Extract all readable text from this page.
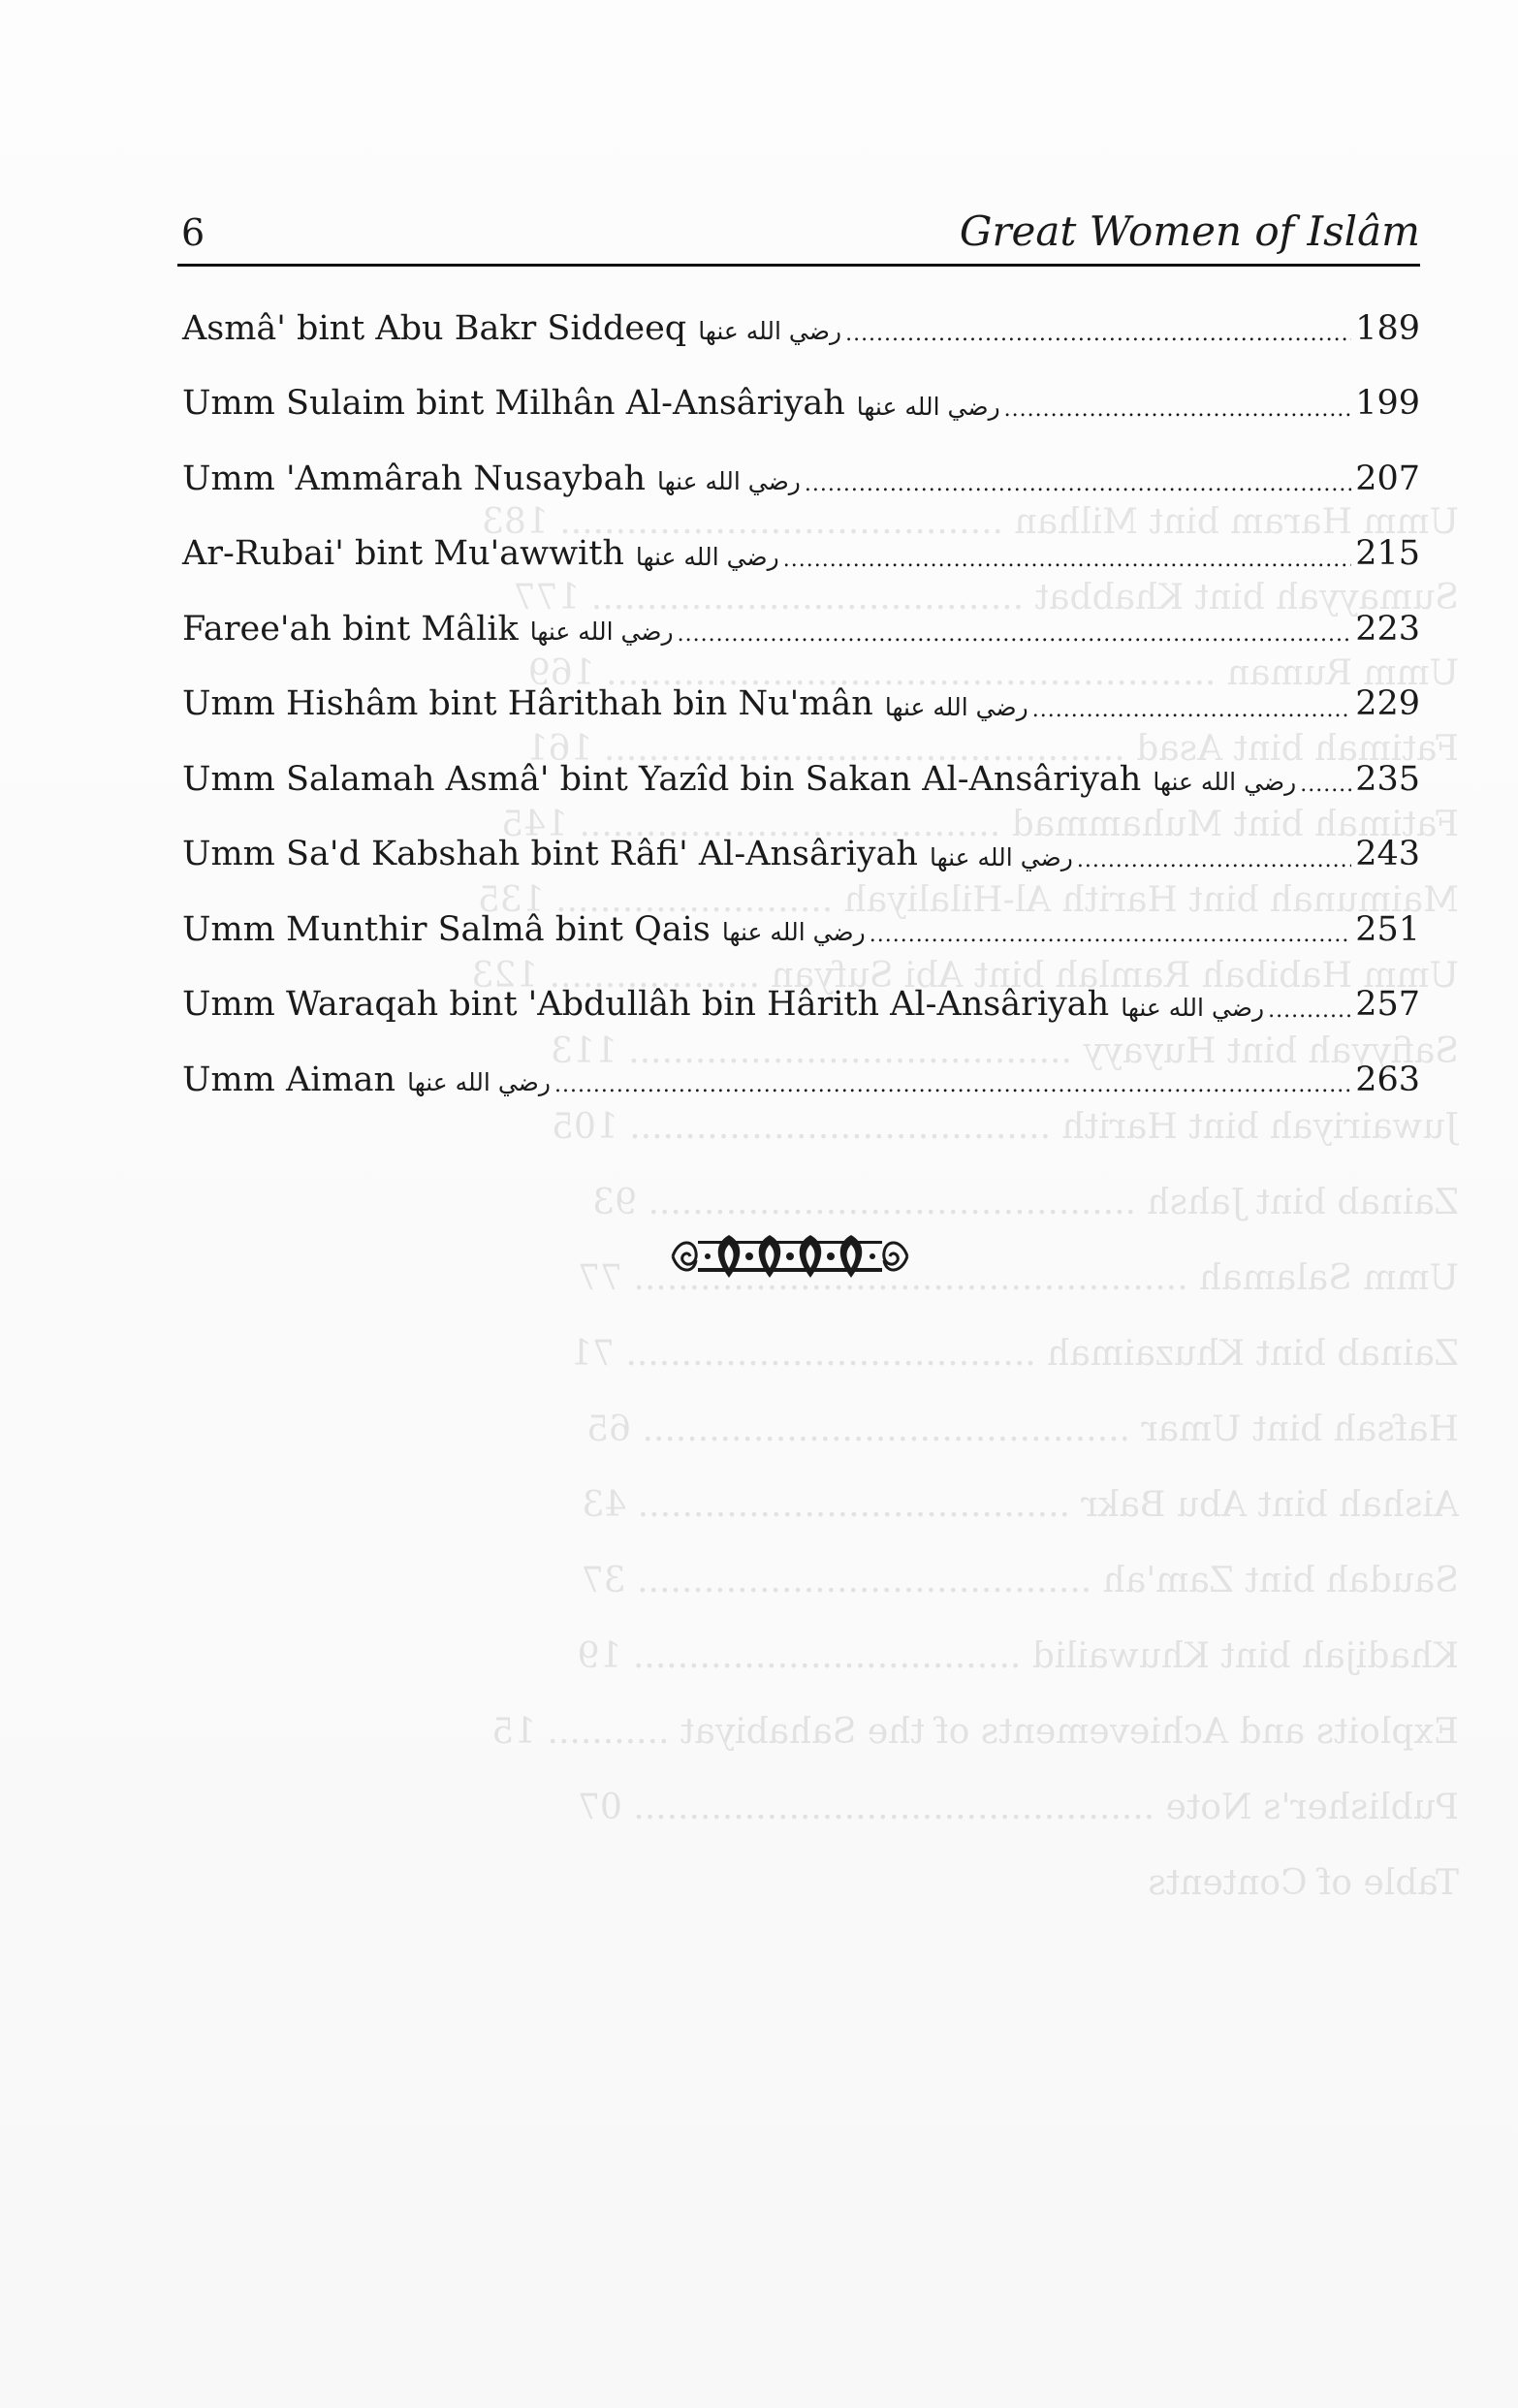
Umm Haram bint Milhan ........................................ 183
Sumayyah bint Khabbat ....................................... 177
Umm Ruman ....................................................... 169
Fatimah bint Asad ............................................... 161
Fatimah bint Muhammad ...................................... 145
Maimunah bint Harith Al-Hilaliyah ......................... 135
Umm Habibah Ramlah bint Abi Sufyan ................... 123
Safiyyah bint Huyayy ........................................ 113
Juwairiyah bint Harith ...................................... 105
Zainab bint Jahsh ............................................ 93
Umm Salamah .................................................. 77
Zainab bint Khuzaimah ..................................... 71
Hafsah bint Umar ............................................ 65
Aishah bint Abu Bakr ....................................... 43
Saudah bint Zam'ah ......................................... 37
Khadijah bint Khuwailid ................................... 19
Exploits and Achievements of the Sahabiyat ........... 15
Publisher's Note ............................................... 07
Table of Contents
6	Great Women of Islâm
Asmâ' bint Abu Bakr Siddeeq رضي الله عنها .....	189
Umm Sulaim bint Milhân Al-Ansâriyah رضي الله عنها .....	199
Umm 'Ammârah Nusaybah رضي الله عنها .....	207
Ar-Rubai' bint Mu'awwith رضي الله عنها .....	215
Faree'ah bint Mâlik رضي الله عنها .....	223
Umm Hishâm bint Hârithah bin Nu'mân رضي الله عنها .....	229
Umm Salamah Asmâ' bint Yazîd bin Sakan Al-Ansâriyah رضي الله عنها ..... 235
Umm Sa'd Kabshah bint Râfi' Al-Ansâriyah رضي الله عنها .....	243
Umm Munthir Salmâ bint Qais رضي الله عنها .....	251
Umm Waraqah bint 'Abdullâh bin Hârith Al-Ansâriyah رضي الله عنها .....	257
Umm Aiman رضي الله عنها .....	263
